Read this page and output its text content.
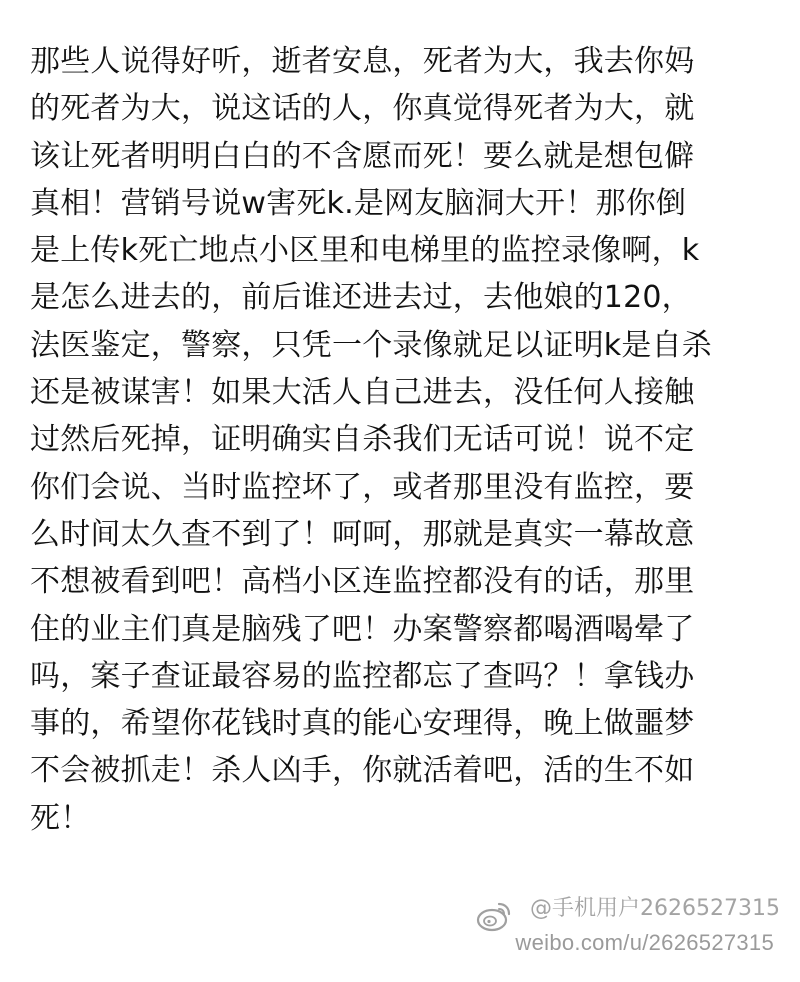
那些人说得好听，逝者安息，死者为大，我去你妈
的死者为大，说这话的人，你真觉得死者为大，就
该让死者明明白白的不含愿而死！要么就是想包僻
真相！营销号说w害死k.是网友脑洞大开！那你倒
是上传k死亡地点小区里和电梯里的监控录像啊，k
是怎么进去的，前后谁还进去过，去他娘的120，
法医鉴定，警察，只凭一个录像就足以证明k是自杀
还是被谋害！如果大活人自己进去，没任何人接触
过然后死掉，证明确实自杀我们无话可说！说不定
你们会说、当时监控坏了，或者那里没有监控，要
么时间太久查不到了！呵呵，那就是真实一幕故意
不想被看到吧！高档小区连监控都没有的话，那里
住的业主们真是脑残了吧！办案警察都喝酒喝晕了
吗，案子查证最容易的监控都忘了查吗？！拿钱办
事的，希望你花钱时真的能心安理得，晚上做噩梦
不会被抓走！杀人凶手，你就活着吧，活的生不如
死！
@手机用户2626527315
weibo.com/u/2626527315
